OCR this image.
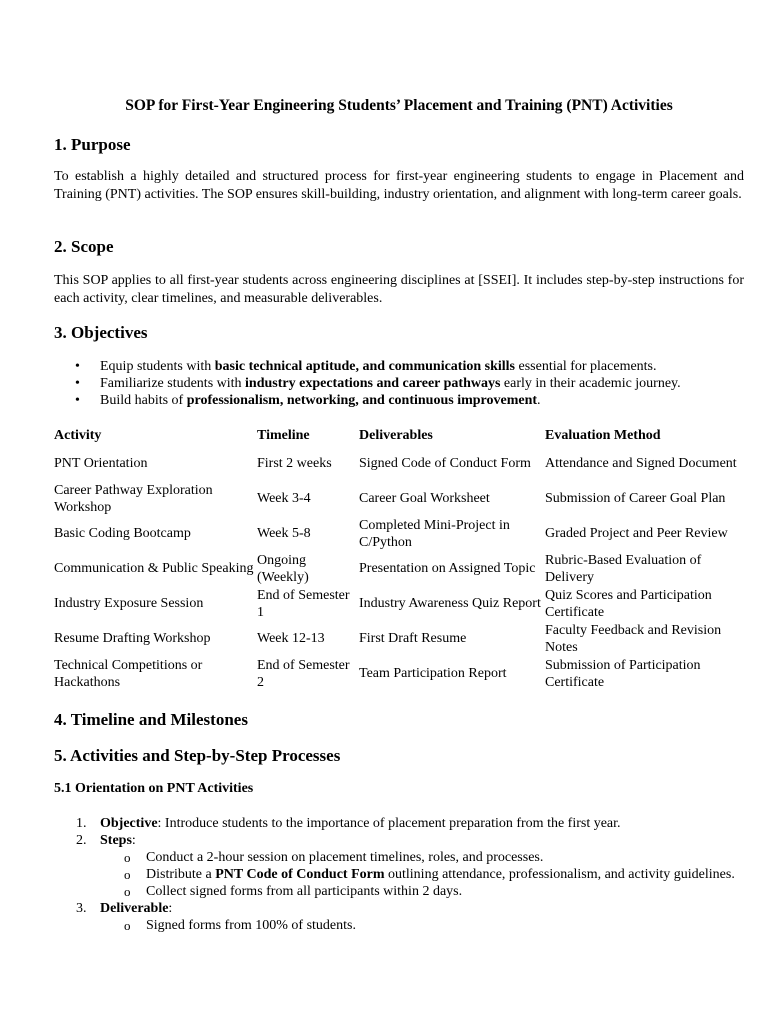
SOP for First-Year Engineering Students’ Placement and Training (PNT) Activities
1. Purpose

To establish a highly detailed and structured process for first-year engineering students to engage in Placement and Training (PNT) activities. The SOP ensures skill-building, industry orientation, and alignment with long-term career goals.

2. Scope

This SOP applies to all first-year students across engineering disciplines at [SSEI]. It includes step-by-step instructions for each activity, clear timelines, and measurable deliverables.

3. Objectives
• Equip students with basic technical aptitude, and communication skills essential for placements.
• Familiarize students with industry expectations and career pathways early in their academic journey.
• Build habits of professionalism, networking, and continuous improvement.
Activity	Timeline	Deliverables	Evaluation Method
PNT Orientation	First 2 weeks	Signed Code of Conduct Form	Attendance and Signed Document
Career Pathway Exploration Workshop	Week 3-4	Career Goal Worksheet	Submission of Career Goal Plan
Basic Coding Bootcamp	Week 5-8	Completed Mini-Project in C/Python	Graded Project and Peer Review
Communication & Public Speaking	Ongoing (Weekly)	Presentation on Assigned Topic	Rubric-Based Evaluation of Delivery
Industry Exposure Session	End of Semester 1	Industry Awareness Quiz Report	Quiz Scores and Participation Certificate
Resume Drafting Workshop	Week 12-13	First Draft Resume	Faculty Feedback and Revision Notes
Technical Competitions or Hackathons	End of Semester 2	Team Participation Report	Submission of Participation Certificate
4. Timeline and Milestones
5. Activities and Step-by-Step Processes
5.1 Orientation on PNT Activities
1. Objective: Introduce students to the importance of placement preparation from the first year.
2. Steps:
o Conduct a 2-hour session on placement timelines, roles, and processes.
o Distribute a PNT Code of Conduct Form outlining attendance, professionalism, and activity guidelines.
o Collect signed forms from all participants within 2 days.
3. Deliverable:
o Signed forms from 100% of students.
